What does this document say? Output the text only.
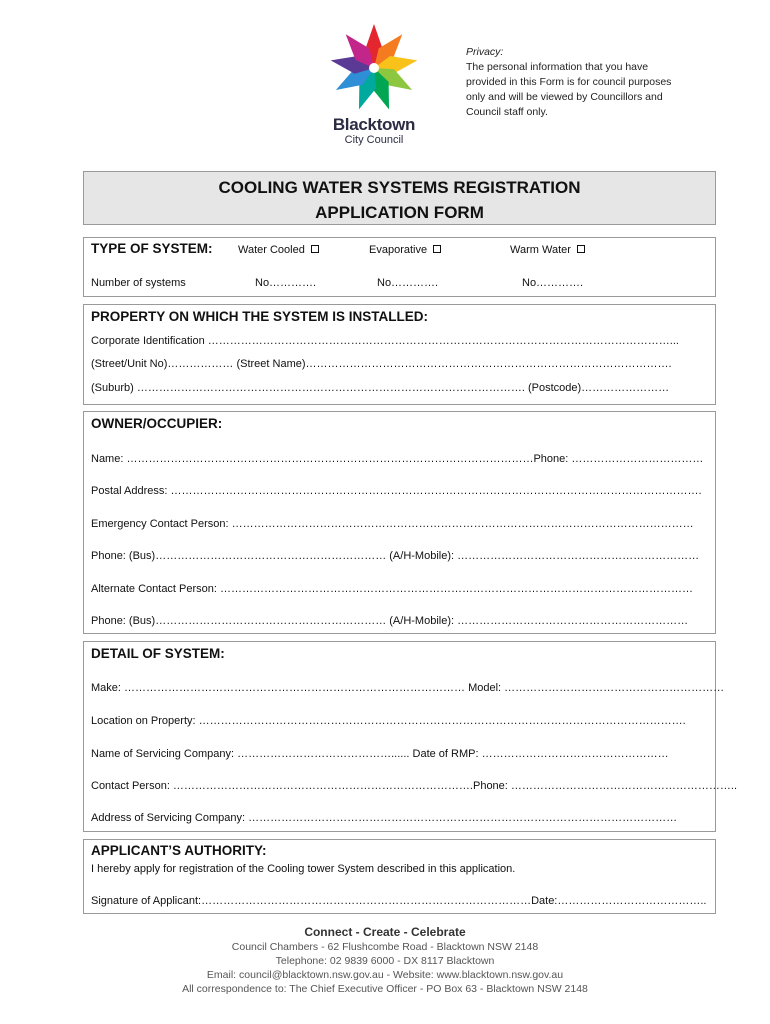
Blacktown
City Council
Privacy:
The personal information that you have
provided in this Form is for council purposes
only and will be viewed by Councillors and
Council staff only.
COOLING WATER SYSTEMS REGISTRATION
APPLICATION FORM
TYPE OF SYSTEM: Water Cooled	Evaporative	Warm Water
Number of systems	No………….	No………….	No………….
PROPERTY ON WHICH THE SYSTEM IS INSTALLED:
Corporate Identification ………………………………………………………………………………………………………………...
(Street/Unit No)……………… (Street Name)……………………………………………………………………………………….
(Suburb) ……………………………………………………………………………………………. (Postcode)……………………
OWNER/OCCUPIER:
Name: …………………………………………………………………………………………………Phone: ………………………………
Postal Address: ……………………………………………………………………………………………………………………………….
Emergency Contact Person: ………………………………………………………………………………………………………………
Phone: (Bus)……………………………………………………… (A/H-Mobile): …………………………………………………………
Alternate Contact Person: …………………………………………………………………………………………………………………
Phone: (Bus)……………………………………………………… (A/H-Mobile): ………………………………………………………
DETAIL OF SYSTEM:
Make: ………………………………………………………………………………… Model: ……………………………………………………
Location on Property: …………………………………………………………………………………………………………………….
Name of Servicing Company: ……………………………………...... Date of RMP: ……………………………………………
Contact Person: ……………………………………………………………………….Phone: ……………………………………………………..
Address of Servicing Company: ………………………………………………………………………………………………………
APPLICANT’S AUTHORITY:
I hereby apply for registration of the Cooling tower System described in this application.
Signature of Applicant:………………………………………………………………………………Date:…………………………………..
Connect - Create - Celebrate
Council Chambers - 62 Flushcombe Road - Blacktown NSW 2148
Telephone: 02 9839 6000 - DX 8117 Blacktown
Email: council@blacktown.nsw.gov.au - Website: www.blacktown.nsw.gov.au
All correspondence to: The Chief Executive Officer - PO Box 63 - Blacktown NSW 2148
